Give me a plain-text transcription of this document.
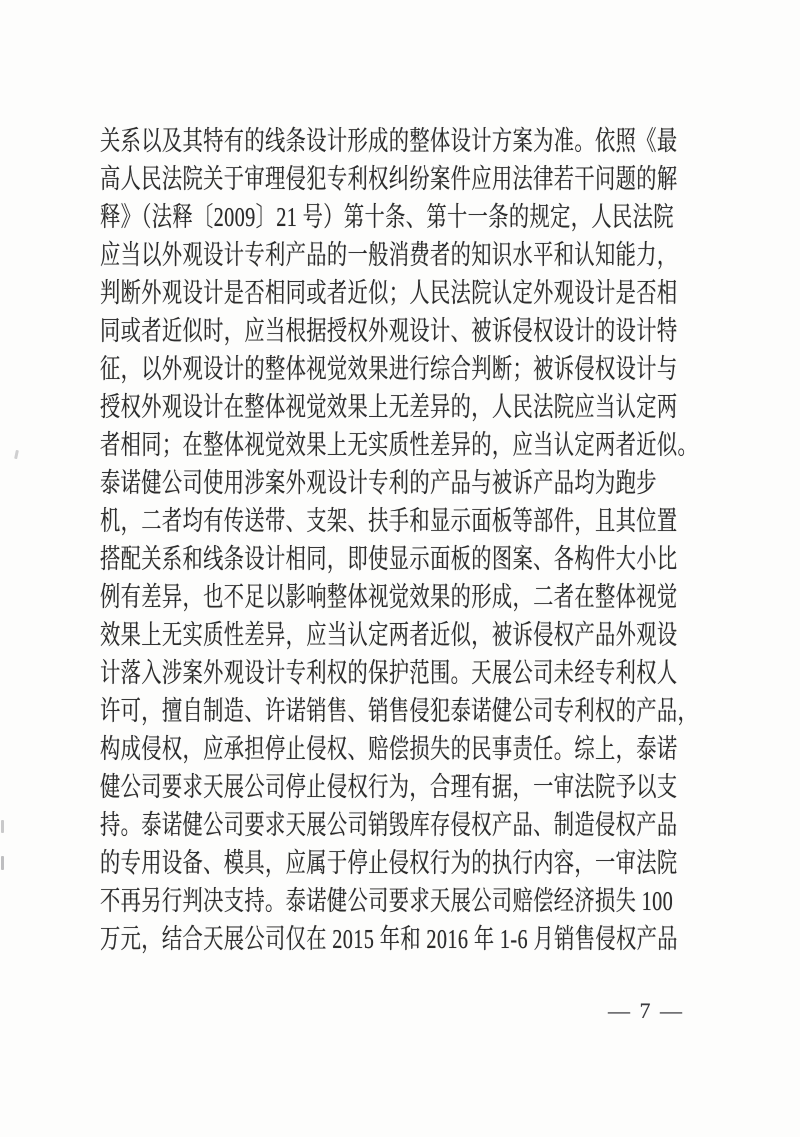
关系以及其特有的线条设计形成的整体设计方案为准。依照《最
高人民法院关于审理侵犯专利权纠纷案件应用法律若干问题的解
释》（法释〔2009〕21 号）第十条、第十一条的规定，人民法院
应当以外观设计专利产品的一般消费者的知识水平和认知能力，
判断外观设计是否相同或者近似；人民法院认定外观设计是否相
同或者近似时，应当根据授权外观设计、被诉侵权设计的设计特
征，以外观设计的整体视觉效果进行综合判断；被诉侵权设计与
授权外观设计在整体视觉效果上无差异的，人民法院应当认定两
者相同；在整体视觉效果上无实质性差异的，应当认定两者近似。
泰诺健公司使用涉案外观设计专利的产品与被诉产品均为跑步
机，二者均有传送带、支架、扶手和显示面板等部件，且其位置
搭配关系和线条设计相同，即使显示面板的图案、各构件大小比
例有差异，也不足以影响整体视觉效果的形成，二者在整体视觉
效果上无实质性差异，应当认定两者近似，被诉侵权产品外观设
计落入涉案外观设计专利权的保护范围。天展公司未经专利权人
许可，擅自制造、许诺销售、销售侵犯泰诺健公司专利权的产品，
构成侵权，应承担停止侵权、赔偿损失的民事责任。综上，泰诺
健公司要求天展公司停止侵权行为，合理有据，一审法院予以支
持。泰诺健公司要求天展公司销毁库存侵权产品、制造侵权产品
的专用设备、模具，应属于停止侵权行为的执行内容，一审法院
不再另行判决支持。泰诺健公司要求天展公司赔偿经济损失 100
万元，结合天展公司仅在 2015 年和 2016 年 1-6 月销售侵权产品
— 7 —
